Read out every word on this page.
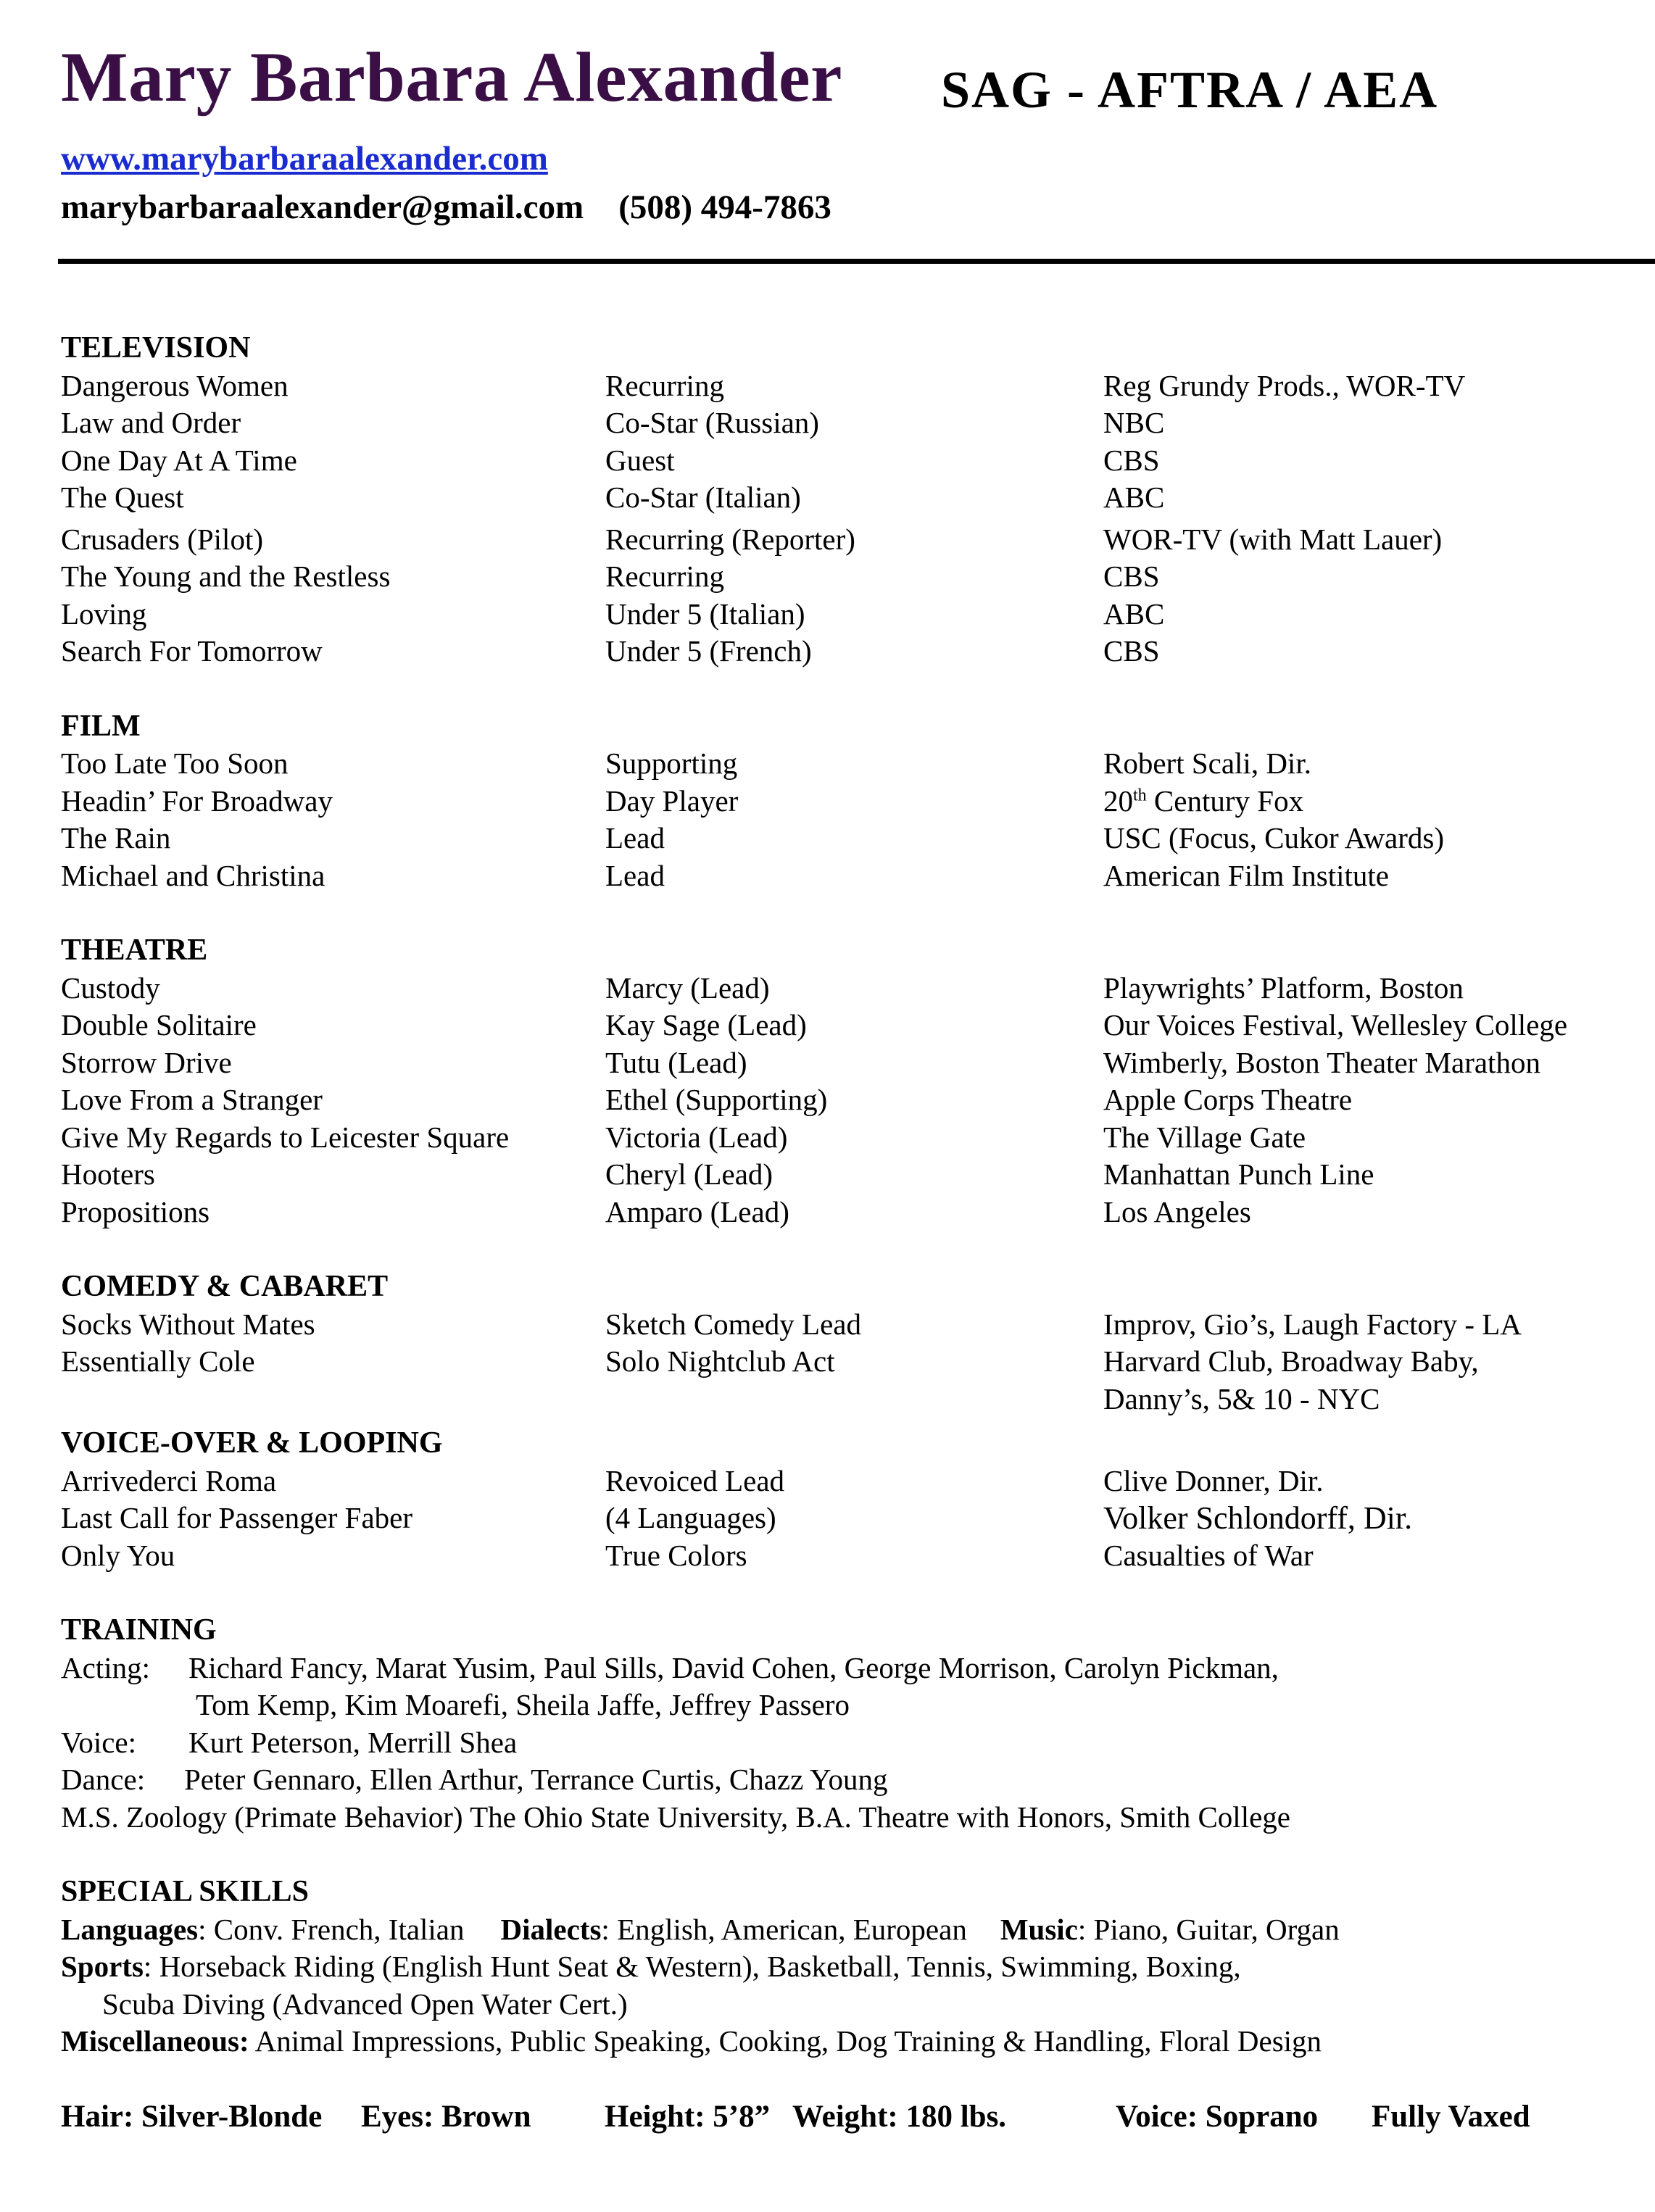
Mary Barbara Alexander SAG - AFTRA / AEA
www.marybarbaraalexander.com
marybarbaraalexander@gmail.com (508) 494-7863
TELEVISION
Dangerous Women	Recurring	Reg Grundy Prods., WOR-TV
Law and Order	Co-Star (Russian)	NBC
One Day At A Time	Guest	CBS
The Quest	Co-Star (Italian)	ABC
Crusaders (Pilot)	Recurring (Reporter)	WOR-TV (with Matt Lauer)
The Young and the Restless	Recurring	CBS
Loving	Under 5 (Italian)	ABC
Search For Tomorrow	Under 5 (French)	CBS
FILM
Too Late Too Soon	Supporting	Robert Scali, Dir.
Headin’ For Broadway	Day Player	20th Century Fox
The Rain	Lead	USC (Focus, Cukor Awards)
Michael and Christina	Lead	American Film Institute
THEATRE
Custody	Marcy (Lead)	Playwrights’ Platform, Boston
Double Solitaire	Kay Sage (Lead)	Our Voices Festival, Wellesley College
Storrow Drive	Tutu (Lead)	Wimberly, Boston Theater Marathon
Love From a Stranger	Ethel (Supporting)	Apple Corps Theatre
Give My Regards to Leicester Square	Victoria (Lead)	The Village Gate
Hooters	Cheryl (Lead)	Manhattan Punch Line
Propositions	Amparo (Lead)	Los Angeles
COMEDY & CABARET
Socks Without Mates	Sketch Comedy Lead	Improv, Gio’s, Laugh Factory - LA
Essentially Cole	Solo Nightclub Act	Harvard Club, Broadway Baby,
Danny’s, 5& 10 - NYC
VOICE-OVER & LOOPING
Arrivederci Roma	Revoiced Lead	Clive Donner, Dir.
Last Call for Passenger Faber	(4 Languages)	Volker Schlondorff, Dir.
Only You	True Colors	Casualties of War
TRAINING
Acting: Richard Fancy, Marat Yusim, Paul Sills, David Cohen, George Morrison, Carolyn Pickman,
Tom Kemp, Kim Moarefi, Sheila Jaffe, Jeffrey Passero
Voice: Kurt Peterson, Merrill Shea
Dance: Peter Gennaro, Ellen Arthur, Terrance Curtis, Chazz Young
M.S. Zoology (Primate Behavior) The Ohio State University, B.A. Theatre with Honors, Smith College
SPECIAL SKILLS
Languages: Conv. French, Italian Dialects: English, American, European Music: Piano, Guitar, Organ
Sports: Horseback Riding (English Hunt Seat & Western), Basketball, Tennis, Swimming, Boxing,
Scuba Diving (Advanced Open Water Cert.)
Miscellaneous: Animal Impressions, Public Speaking, Cooking, Dog Training & Handling, Floral Design
Hair: Silver-Blonde Eyes: Brown Height: 5’8” Weight: 180 lbs.	Voice: Soprano Fully Vaxed
